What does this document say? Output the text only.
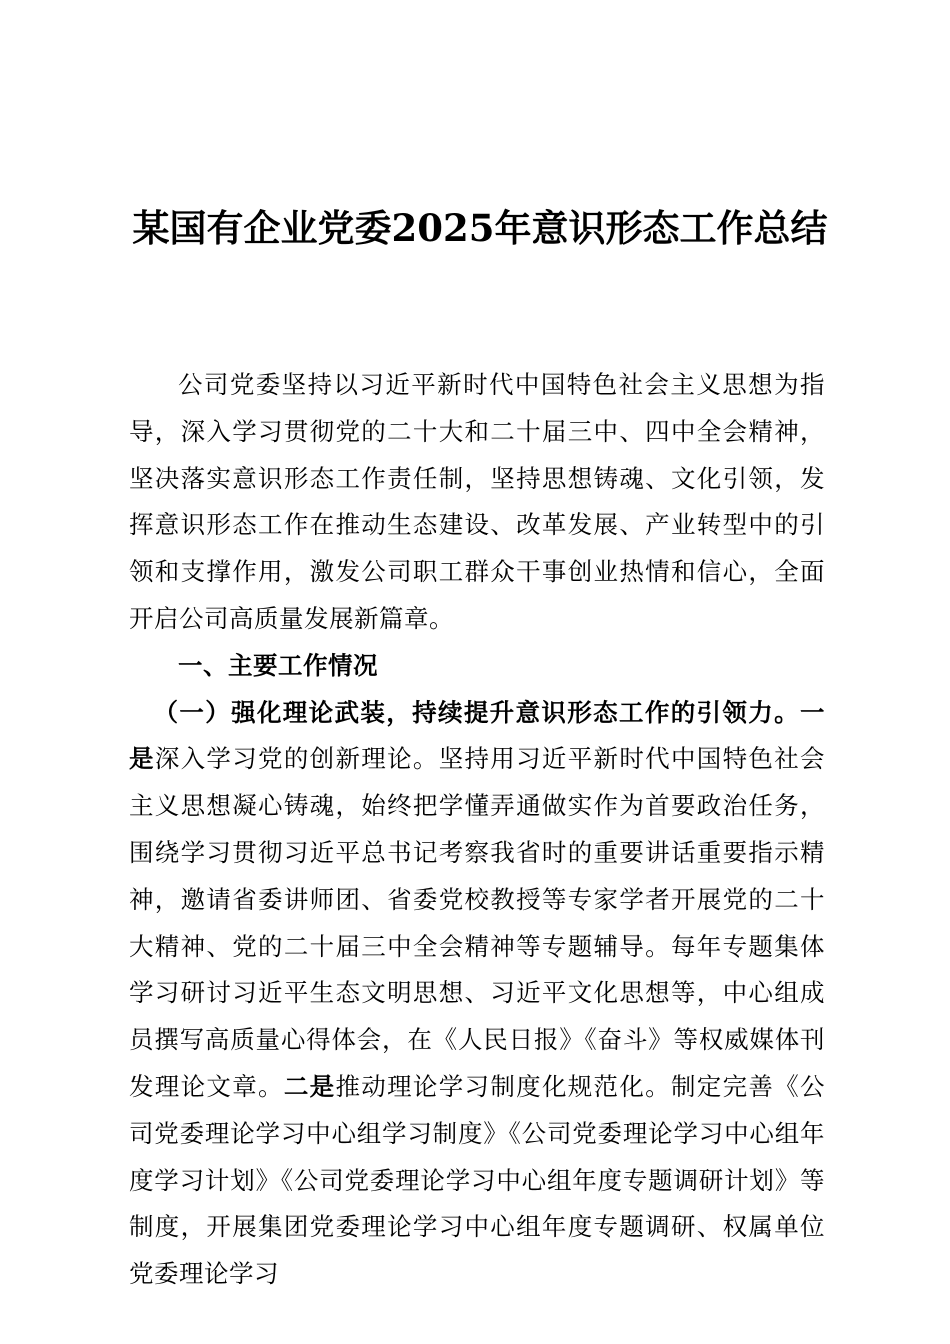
某国有企业党委2025年意识形态工作总结

公司党委坚持以习近平新时代中国特色社会主义思想为指导，深入学习贯彻党的二十大和二十届三中、四中全会精神，坚决落实意识形态工作责任制，坚持思想铸魂、文化引领，发挥意识形态工作在推动生态建设、改革发展、产业转型中的引领和支撑作用，激发公司职工群众干事创业热情和信心，全面开启公司高质量发展新篇章。

一、主要工作情况

（一）强化理论武装，持续提升意识形态工作的引领力。一是深入学习党的创新理论。坚持用习近平新时代中国特色社会主义思想凝心铸魂，始终把学懂弄通做实作为首要政治任务，围绕学习贯彻习近平总书记考察我省时的重要讲话重要指示精神，邀请省委讲师团、省委党校教授等专家学者开展党的二十大精神、党的二十届三中全会精神等专题辅导。每年专题集体学习研讨习近平生态文明思想、习近平文化思想等，中心组成员撰写高质量心得体会，在《人民日报》《奋斗》等权威媒体刊发理论文章。二是推动理论学习制度化规范化。制定完善《公司党委理论学习中心组学习制度》《公司党委理论学习中心组年度学习计划》《公司党委理论学习中心组年度专题调研计划》等制度，开展集团党委理论学习中心组年度专题调研、权属单位党委理论学习
